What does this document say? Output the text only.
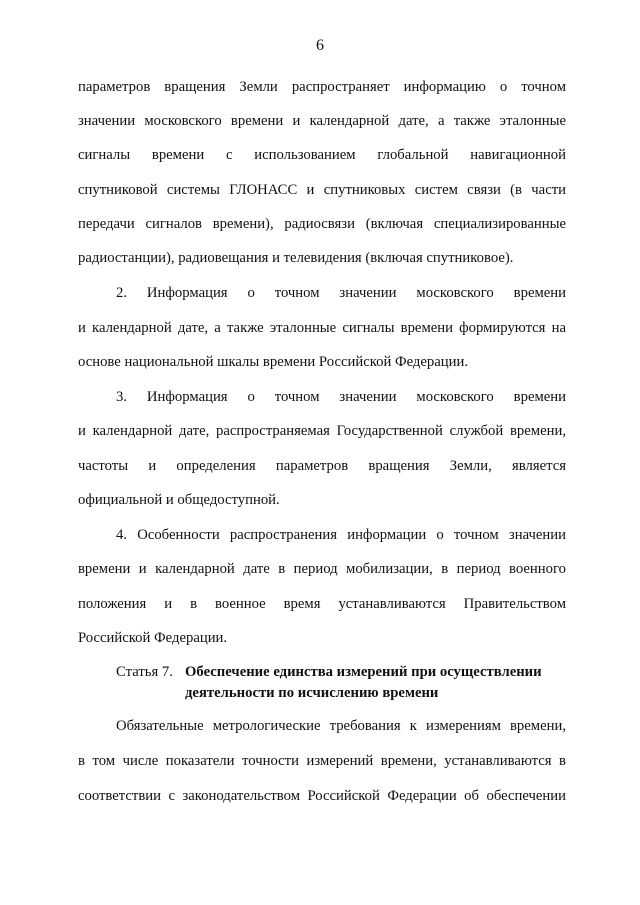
6
параметров вращения Земли распространяет информацию о точном
значении московского времени и календарной дате, а также эталонные
сигналы времени с использованием глобальной навигационной
спутниковой системы ГЛОНАСС и спутниковых систем связи (в части
передачи сигналов времени), радиосвязи (включая специализированные
радиостанции), радиовещания и телевидения (включая спутниковое).
2. Информация о точном значении московского времени
и календарной дате, а также эталонные сигналы времени формируются на
основе национальной шкалы времени Российской Федерации.
3. Информация о точном значении московского времени
и календарной дате, распространяемая Государственной службой времени,
частоты и определения параметров вращения Земли, является
официальной и общедоступной.
4. Особенности распространения информации о точном значении
времени и календарной дате в период мобилизации, в период военного
положения и в военное время устанавливаются Правительством
Российской Федерации.
Статья 7. Обеспечение единства измерений при осуществлении деятельности по исчислению времени
Обязательные метрологические требования к измерениям времени,
в том числе показатели точности измерений времени, устанавливаются в
соответствии с законодательством Российской Федерации об обеспечении
